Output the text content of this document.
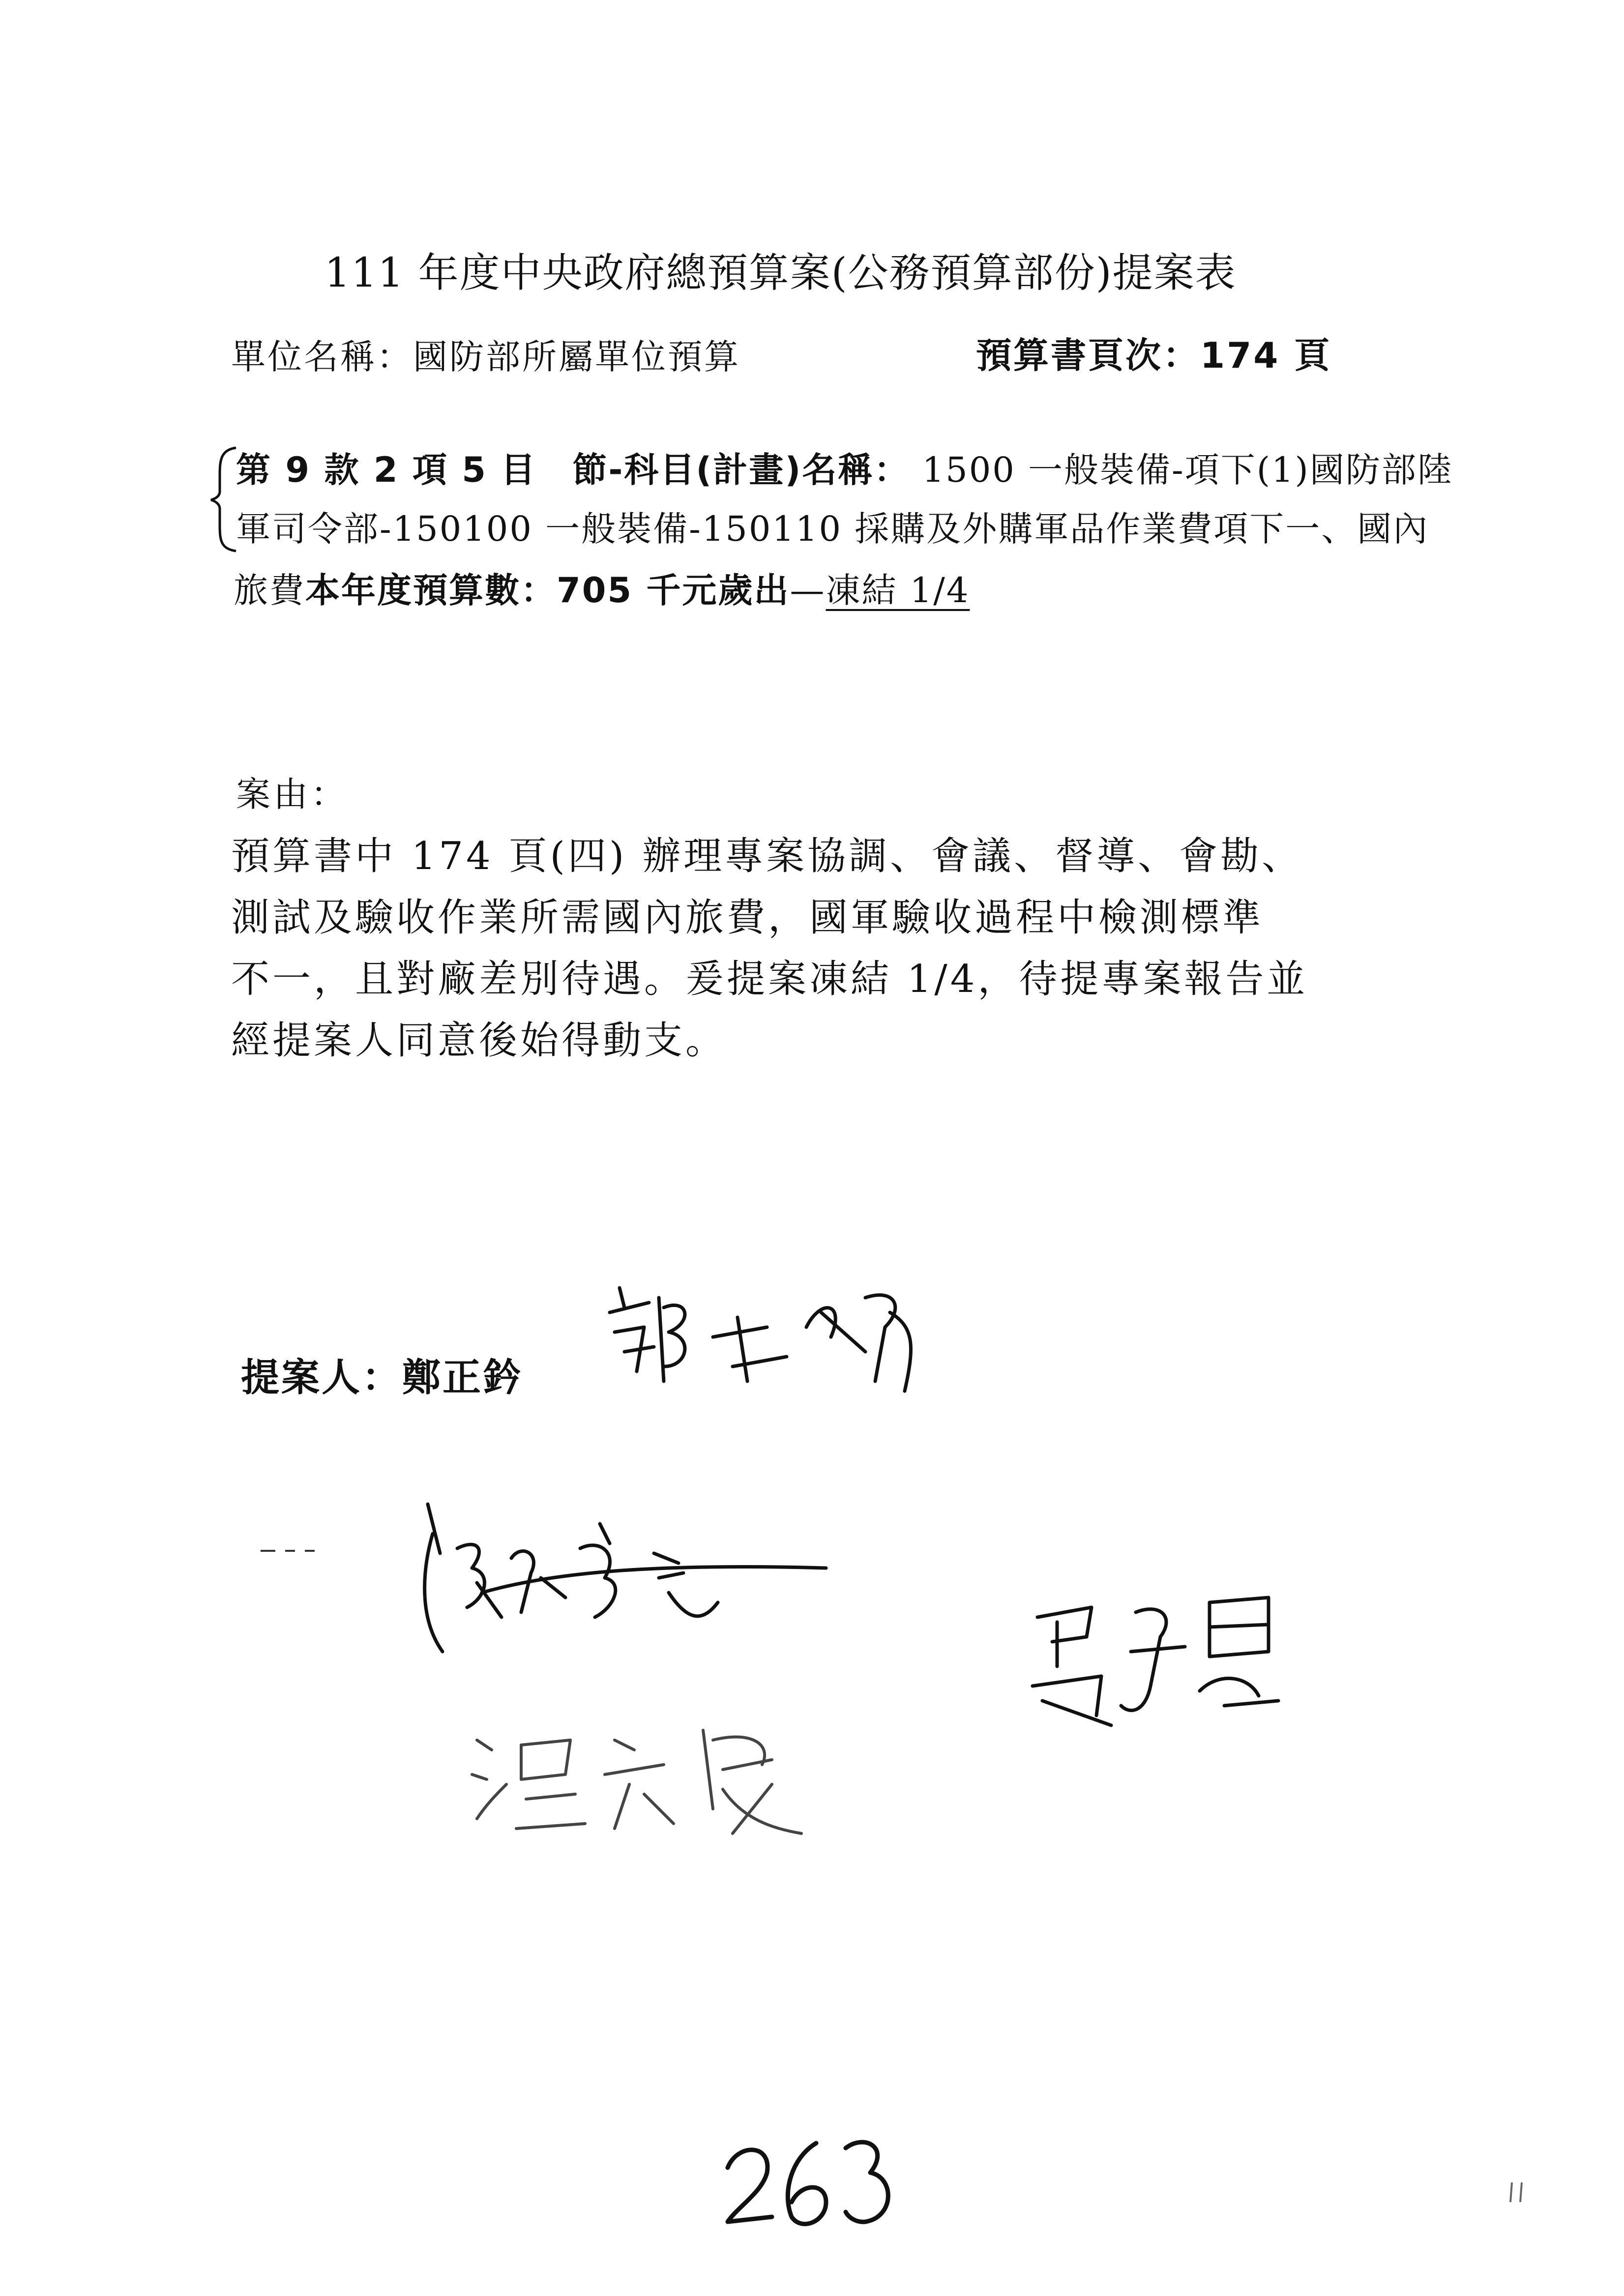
111 年度中央政府總預算案(公務預算部份)提案表
單位名稱：國防部所屬單位預算	預算書頁次：174 頁
第 9 款 2 項 5 目　節-科目(計畫)名稱： 1500 一般裝備-項下(1)國防部陸
軍司令部-150100 一般裝備-150110 採購及外購軍品作業費項下一、國內
旅費本年度預算數：705 千元歲出—凍結 1/4
案由：
預算書中 174 頁(四) 辦理專案協調、會議、督導、會勘、
測試及驗收作業所需國內旅費，國軍驗收過程中檢測標準
不一，且對廠差別待遇。爰提案凍結 1/4，待提專案報告並
經提案人同意後始得動支。
提案人：鄭正鈐
